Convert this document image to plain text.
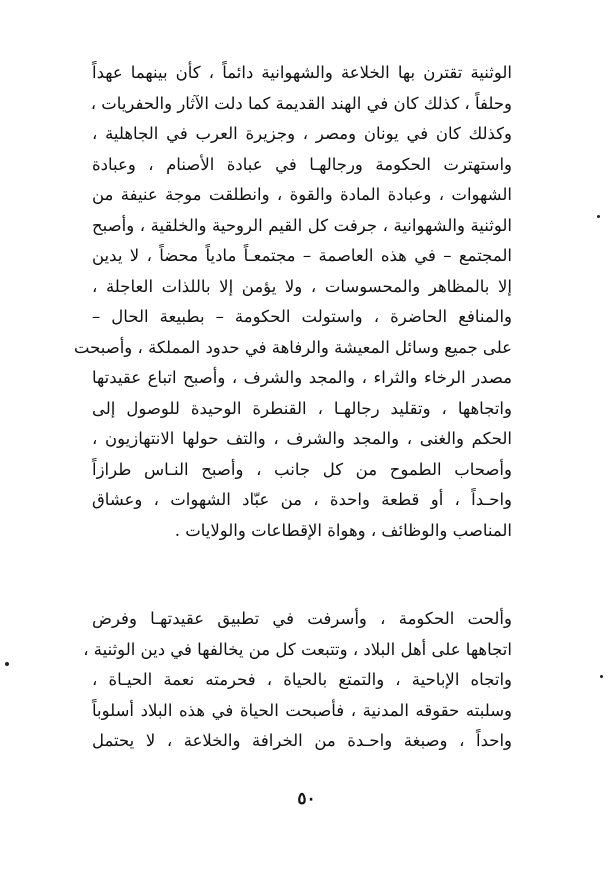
الوثنية تقترن بها الخلاعة والشهوانية دائماً ، كأن بينهما عهداً
وحلفاً ، كذلك كان في الهند القديمة كما دلت الآثار والحفريات ،
وكذلك كان في يونان ومصر ، وجزيرة العرب في الجاهلية ،
واستهترت الحكومة ورجالهـا في عبادة الأصنام ، وعبادة
الشهوات ، وعبادة المادة والقوة ، وانطلقت موجة عنيفة من
الوثنية والشهوانية ، جرفت كل القيم الروحية والخلقية ، وأصبح
المجتمع – في هذه العاصمة – مجتمعـاً مادياً محضاً ، لا يدين
إلا بالمظاهر والمحسوسات ، ولا يؤمن إلا باللذات العاجلة ،
والمنافع الحاضرة ، واستولت الحكومة – بطبيعة الحال –
على جميع وسائل المعيشة والرفاهة في حدود المملكة ، وأصبحت
مصدر الرخاء والثراء ، والمجد والشرف ، وأصبح اتباع عقيدتها
واتجاهها ، وتقليد رجالهـا ، القنطرة الوحيدة للوصول إلى
الحكم والغنى ، والمجد والشرف ، والتف حولها الانتهازيون ،
وأصحاب الطموح من كل جانب ، وأصبح النـاس طرازاً
واحـداً ، أو قطعة واحدة ، من عبّاد الشهوات ، وعشاق
المناصب والوظائف ، وهواة الإقطاعات والولايات .
وألحت الحكومة ، وأسرفت في تطبيق عقيدتهـا وفرض
اتجاهها على أهل البلاد ، وتتبعت كل من يخالفها في دين الوثنية ،
واتجاه الإباحية ، والتمتع بالحياة ، فحرمته نعمة الحيـاة ،
وسلبته حقوقه المدنية ، فأصبحت الحياة في هذه البلاد أسلوباً
واحداً ، وصبغة واحـدة من الخرافة والخلاعة ، لا يحتمل
٥٠
